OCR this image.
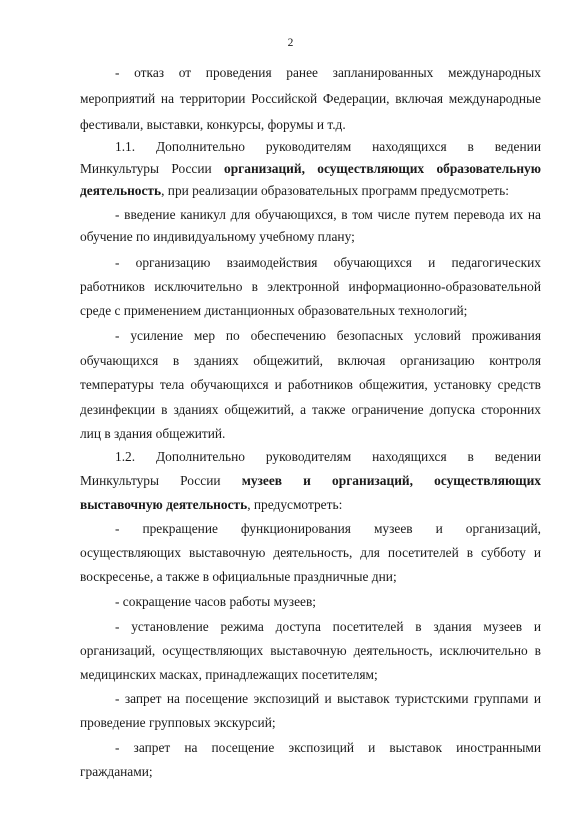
2
- отказ от проведения ранее запланированных международных
мероприятий на территории Российской Федерации, включая международные
фестивали, выставки, конкурсы, форумы и т.д.
1.1. Дополнительно руководителям находящихся в ведении
Минкультуры России организаций, осуществляющих образовательную
деятельность, при реализации образовательных программ предусмотреть:
- введение каникул для обучающихся, в том числе путем перевода их на
обучение по индивидуальному учебному плану;
- организацию взаимодействия обучающихся и педагогических
работников исключительно в электронной информационно-образовательной
среде с применением дистанционных образовательных технологий;
- усиление мер по обеспечению безопасных условий проживания
обучающихся в зданиях общежитий, включая организацию контроля
температуры тела обучающихся и работников общежития, установку средств
дезинфекции в зданиях общежитий, а также ограничение допуска сторонних
лиц в здания общежитий.
1.2. Дополнительно руководителям находящихся в ведении
Минкультуры России музеев и организаций, осуществляющих
выставочную деятельность, предусмотреть:
- прекращение функционирования музеев и организаций,
осуществляющих выставочную деятельность, для посетителей в субботу и
воскресенье, а также в официальные праздничные дни;
- сокращение часов работы музеев;
- установление режима доступа посетителей в здания музеев и
организаций, осуществляющих выставочную деятельность, исключительно в
медицинских масках, принадлежащих посетителям;
- запрет на посещение экспозиций и выставок туристскими группами и
проведение групповых экскурсий;
- запрет на посещение экспозиций и выставок иностранными
гражданами;
